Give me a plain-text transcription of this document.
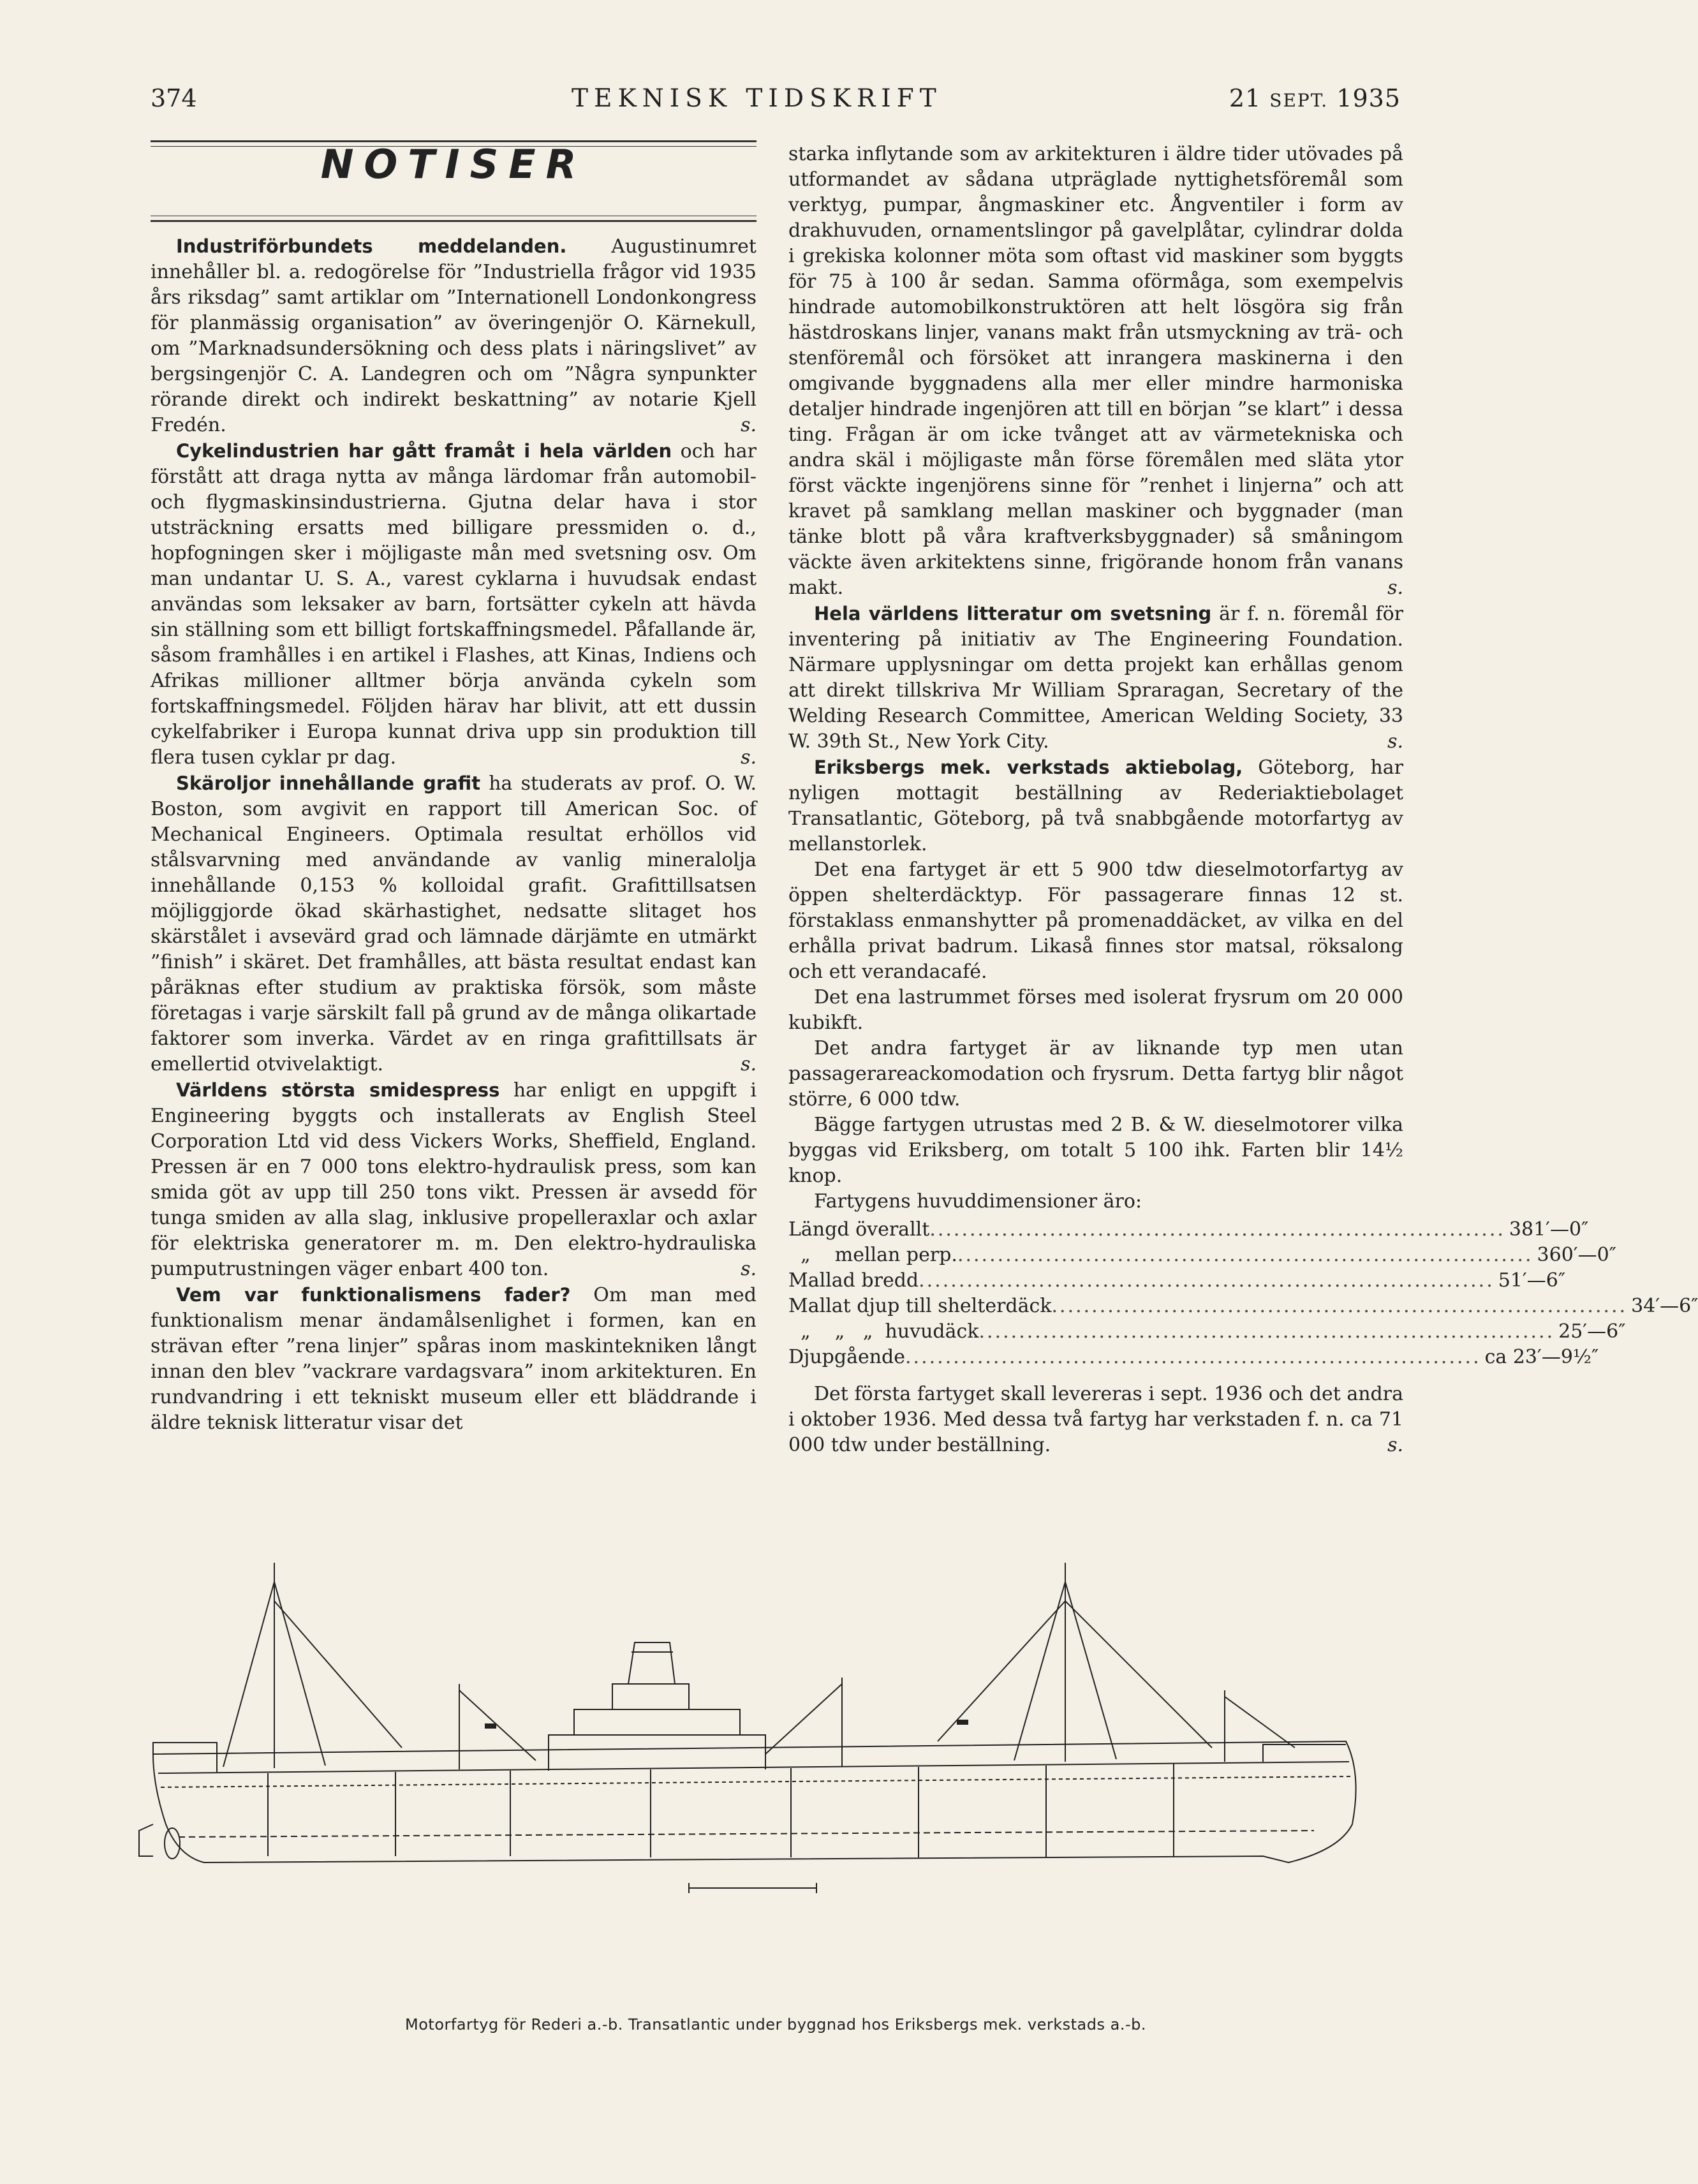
374	TEKNISK TIDSKRIFT	21 SEPT. 1935
NOTISER

Industriförbundets meddelanden. Augustinumret innehåller bl. a. redogörelse för ”Industriella frågor vid 1935 års riksdag” samt artiklar om ”Internationell Londonkongress för planmässig organisation” av överingenjör O. Kärnekull, om ”Marknadsundersökning och dess plats i näringslivet” av bergsingenjör C. A. Landegren och om ”Några synpunkter rörande direkt och indirekt beskattning” av notarie Kjell Fredén.	s.

Cykelindustrien har gått framåt i hela världen och har förstått att draga nytta av många lärdomar från automobil- och flygmaskinsindustrierna. Gjutna delar hava i stor utsträckning ersatts med billigare pressmiden o. d., hopfogningen sker i möjligaste mån med svetsning osv. Om man undantar U. S. A., varest cyklarna i huvudsak endast användas som leksaker av barn, fortsätter cykeln att hävda sin ställning som ett billigt fortskaffningsmedel. Påfallande är, såsom framhålles i en artikel i Flashes, att Kinas, Indiens och Afrikas millioner alltmer börja använda cykeln som fortskaffningsmedel. Följden härav har blivit, att ett dussin cykelfabriker i Europa kunnat driva upp sin produktion till flera tusen cyklar pr dag.	s.

Skäroljor innehållande grafit ha studerats av prof. O. W. Boston, som avgivit en rapport till American Soc. of Mechanical Engineers. Optimala resultat erhöllos vid stålsvarvning med användande av vanlig mineralolja innehållande 0,153 % kolloidal grafit. Grafittillsatsen möjliggjorde ökad skärhastighet, nedsatte slitaget hos skärstålet i avsevärd grad och lämnade därjämte en utmärkt ”finish” i skäret. Det framhålles, att bästa resultat endast kan påräknas efter studium av praktiska försök, som måste företagas i varje särskilt fall på grund av de många olikartade faktorer som inverka. Värdet av en ringa grafittillsats är emellertid otvivelaktigt.	s.

Världens största smidespress har enligt en uppgift i Engineering byggts och installerats av English Steel Corporation Ltd vid dess Vickers Works, Sheffield, England. Pressen är en 7 000 tons elektro-hydraulisk press, som kan smida göt av upp till 250 tons vikt. Pressen är avsedd för tunga smiden av alla slag, inklusive propelleraxlar och axlar för elektriska generatorer m. m. Den elektro-hydrauliska pumputrustningen väger enbart 400 ton.	s.

Vem var funktionalismens fader? Om man med funktionalism menar ändamålsenlighet i formen, kan en strävan efter ”rena linjer” spåras inom maskintekniken långt innan den blev ”vackrare vardagsvara” inom arkitekturen. En rundvandring i ett tekniskt museum eller ett bläddrande i äldre teknisk litteratur visar det

starka inflytande som av arkitekturen i äldre tider utövades på utformandet av sådana utpräglade nyttighetsföremål som verktyg, pumpar, ångmaskiner etc. Ångventiler i form av drakhuvuden, ornamentslingor på gavelplåtar, cylindrar dolda i grekiska kolonner möta som oftast vid maskiner som byggts för 75 à 100 år sedan. Samma oförmåga, som exempelvis hindrade automobilkonstruktören att helt lösgöra sig från hästdroskans linjer, vanans makt från utsmyckning av trä- och stenföremål och försöket att inrangera maskinerna i den omgivande byggnadens alla mer eller mindre harmoniska detaljer hindrade ingenjören att till en början ”se klart” i dessa ting. Frågan är om icke tvånget att av värmetekniska och andra skäl i möjligaste mån förse föremålen med släta ytor först väckte ingenjörens sinne för ”renhet i linjerna” och att kravet på samklang mellan maskiner och byggnader (man tänke blott på våra kraftverksbyggnader) så småningom väckte även arkitektens sinne, frigörande honom från vanans makt.	s.

Hela världens litteratur om svetsning är f. n. föremål för inventering på initiativ av The Engineering Foundation. Närmare upplysningar om detta projekt kan erhållas genom att direkt tillskriva Mr William Spraragan, Secretary of the Welding Research Committee, American Welding Society, 33 W. 39th St., New York City.	s.

Eriksbergs mek. verkstads aktiebolag, Göteborg, har nyligen mottagit beställning av Rederiaktiebolaget Transatlantic, Göteborg, på två snabbgående motorfartyg av mellanstorlek.

Det ena fartyget är ett 5 900 tdw dieselmotorfartyg av öppen shelterdäcktyp. För passagerare finnas 12 st. förstaklass enmanshytter på promenaddäcket, av vilka en del erhålla privat badrum. Likaså finnes stor matsal, röksalong och ett verandacafé.

Det ena lastrummet förses med isolerat frysrum om 20 000 kubikft.

Det andra fartyget är av liknande typ men utan passagerareackomodation och frysrum. Detta fartyg blir något större, 6 000 tdw.

Bägge fartygen utrustas med 2 B. & W. dieselmotorer vilka byggas vid Eriksberg, om totalt 5 100 ihk. Farten blir 14½ knop.

Fartygens huvuddimensioner äro:

Längd överallt ........................................................................ 381′—0″
„    mellan perp. ........................................................................ 360′—0″
Mallad bredd ........................................................................ 51′—6″
Mallat djup till shelterdäck ........................................................................ 34′—6″
„    „   „  huvudäck ........................................................................ 25′—6″
Djupgående ........................................................................ ca 23′—9½″

Det första fartyget skall levereras i sept. 1936 och det andra i oktober 1936. Med dessa två fartyg har verkstaden f. n. ca 71 000 tdw under beställning.	s.

Motorfartyg för Rederi a.-b. Transatlantic under byggnad hos Eriksbergs mek. verkstads a.-b.
